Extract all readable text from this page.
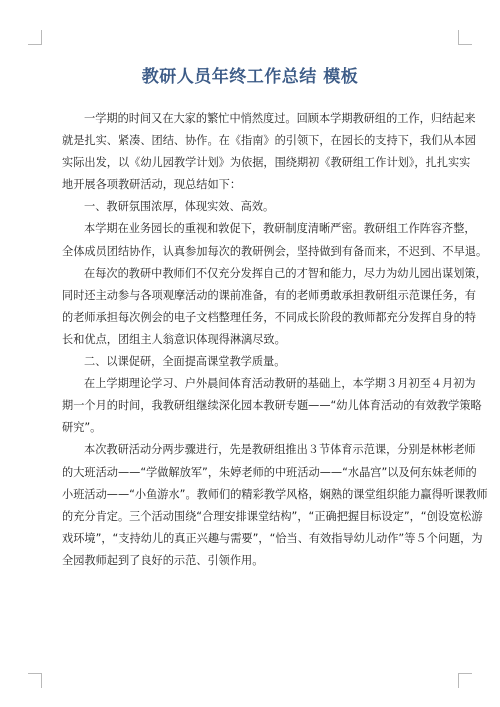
教研人员年终工作总结 模板
一学期的时间又在大家的繁忙中悄然度过。回顾本学期教研组的工作，归结起来
就是扎实、紧凑、团结、协作。在《指南》的引领下，在园长的支持下，我们从本园
实际出发，以《幼儿园教学计划》为依据，围绕期初《教研组工作计划》，扎扎实实
地开展各项教研活动，现总结如下：
一、教研氛围浓厚，体现实效、高效。
本学期在业务园长的重视和敦促下，教研制度清晰严密。教研组工作阵容齐整，
全体成员团结协作，认真参加每次的教研例会，坚持做到有备而来，不迟到、不早退。
在每次的教研中教师们不仅充分发挥自己的才智和能力，尽力为幼儿园出谋划策，
同时还主动参与各项观摩活动的课前准备，有的老师勇敢承担教研组示范课任务，有
的老师承担每次例会的电子文档整理任务，不同成长阶段的教师都充分发挥自身的特
长和优点，团组主人翁意识体现得淋漓尽致。
二、以课促研，全面提高课堂教学质量。
在上学期理论学习、户外晨间体育活动教研的基础上，本学期３月初至４月初为
期一个月的时间，我教研组继续深化园本教研专题——“幼儿体育活动的有效教学策略
研究”。
本次教研活动分两步骤进行，先是教研组推出３节体育示范课，分别是林彬老师
的大班活动——“学做解放军”，朱婷老师的中班活动——“水晶宫”以及何东妹老师的
小班活动——“小鱼游水”。教师们的精彩教学风格，娴熟的课堂组织能力赢得听课教师
的充分肯定。三个活动围绕“合理安排课堂结构”，“正确把握目标设定”，“创设宽松游
戏环境”，“支持幼儿的真正兴趣与需要”，“恰当、有效指导幼儿动作”等５个问题，为
全园教师起到了良好的示范、引领作用。
